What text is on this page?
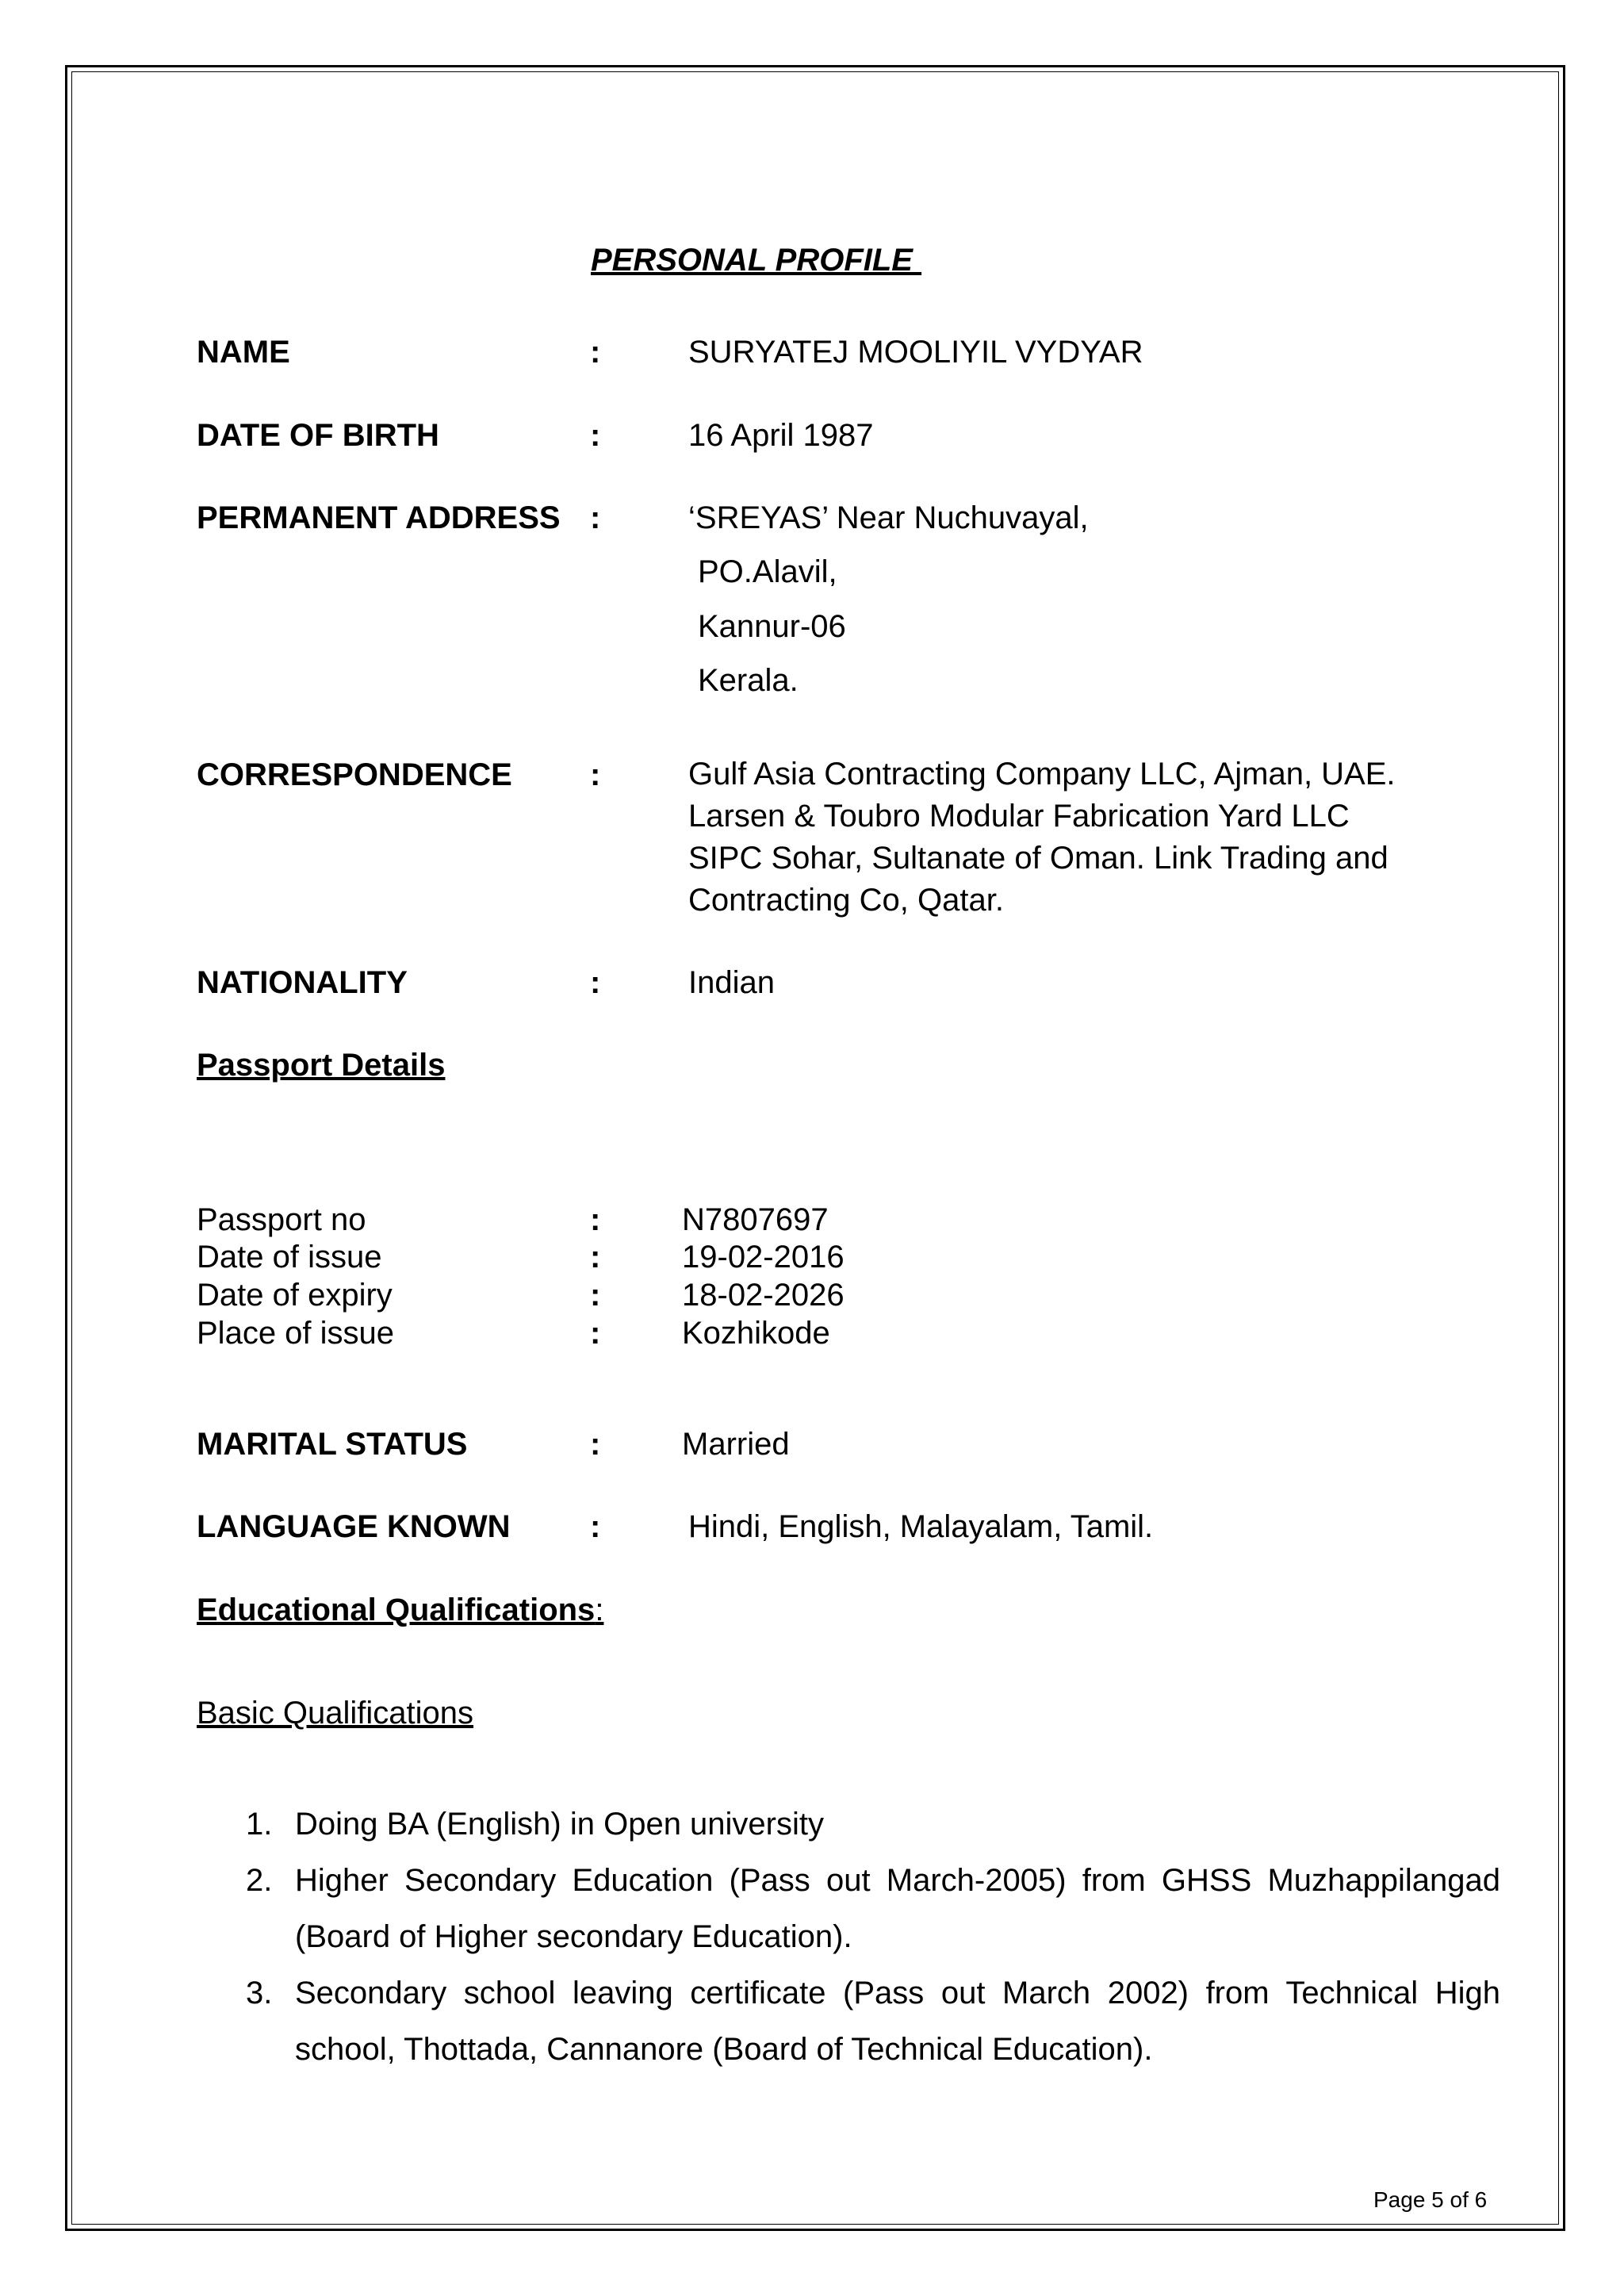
PERSONAL PROFILE
NAME	:	SURYATEJ MOOLIYIL VYDYAR
DATE OF BIRTH	:	16 April 1987
PERMANENT ADDRESS :	‘SREYAS’ Near Nuchuvayal,
PO.Alavil,
Kannur-06
Kerala.
CORRESPONDENCE :	Gulf Asia Contracting Company LLC, Ajman, UAE.
Larsen & Toubro Modular Fabrication Yard LLC
SIPC Sohar, Sultanate of Oman. Link Trading and
Contracting Co, Qatar.
NATIONALITY	:	Indian
Passport Details
Passport no	:	N7807697
Date of issue	:	19-02-2016
Date of expiry	:	18-02-2026
Place of issue	:	Kozhikode
MARITAL STATUS	:	Married
LANGUAGE KNOWN	:	Hindi, English, Malayalam, Tamil.
Educational Qualifications:
Basic Qualifications
1. Doing BA (English) in Open university
2. Higher Secondary Education (Pass out March-2005) from GHSS Muzhappilangad (Board of Higher secondary Education).
3. Secondary school leaving certificate (Pass out March 2002) from Technical High school, Thottada, Cannanore (Board of Technical Education).
Page 5 of 6
